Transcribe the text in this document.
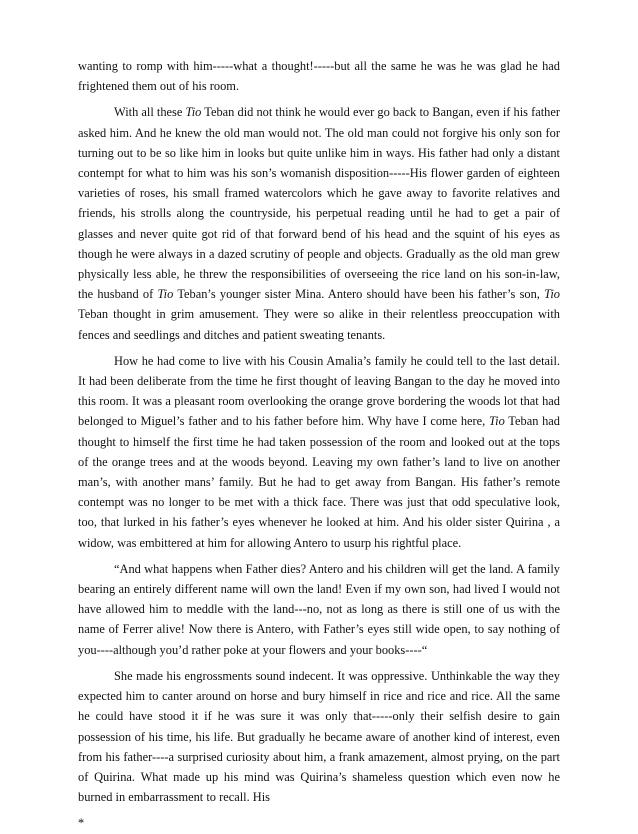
wanting to romp with him-----what a thought!-----but all the same he was he was glad he had frightened them out of his room.

With all these Tio Teban did not think he would ever go back to Bangan, even if his father asked him. And he knew the old man would not. The old man could not forgive his only son for turning out to be so like him in looks but quite unlike him in ways. His father had only a distant contempt for what to him was his son’s womanish disposition-----His flower garden of eighteen varieties of roses, his small framed watercolors which he gave away to favorite relatives and friends, his strolls along the countryside, his perpetual reading until he had to get a pair of glasses and never quite got rid of that forward bend of his head and the squint of his eyes as though he were always in a dazed scrutiny of people and objects. Gradually as the old man grew physically less able, he threw the responsibilities of overseeing the rice land on his son-in-law, the husband of Tio Teban’s younger sister Mina. Antero should have been his father’s son, Tio Teban thought in grim amusement. They were so alike in their relentless preoccupation with fences and seedlings and ditches and patient sweating tenants.

How he had come to live with his Cousin Amalia’s family he could tell to the last detail. It had been deliberate from the time he first thought of leaving Bangan to the day he moved into this room. It was a pleasant room overlooking the orange grove bordering the woods lot that had belonged to Miguel’s father and to his father before him. Why have I come here, Tio Teban had thought to himself the first time he had taken possession of the room and looked out at the tops of the orange trees and at the woods beyond. Leaving my own father’s land to live on another man’s, with another mans’ family. But he had to get away from Bangan. His father’s remote contempt was no longer to be met with a thick face. There was just that odd speculative look, too, that lurked in his father’s eyes whenever he looked at him. And his older sister Quirina , a widow, was embittered at him for allowing Antero to usurp his rightful place.

“And what happens when Father dies? Antero and his children will get the land. A family bearing an entirely different name will own the land! Even if my own son, had lived I would not have allowed him to meddle with the land---no, not as long as there is still one of us with the name of Ferrer alive! Now there is Antero, with Father’s eyes still wide open, to say nothing of you----although you’d rather poke at your flowers and your books----“

She made his engrossments sound indecent. It was oppressive. Unthinkable the way they expected him to canter around on horse and bury himself in rice and rice and rice. All the same he could have stood it if he was sure it was only that-----only their selfish desire to gain possession of his time, his life. But gradually he became aware of another kind of interest, even from his father----a surprised curiosity about him, a frank amazement, almost prying, on the part of Quirina. What made up his mind was Quirina’s shameless question which even now he burned in embarrassment to recall. His

*
